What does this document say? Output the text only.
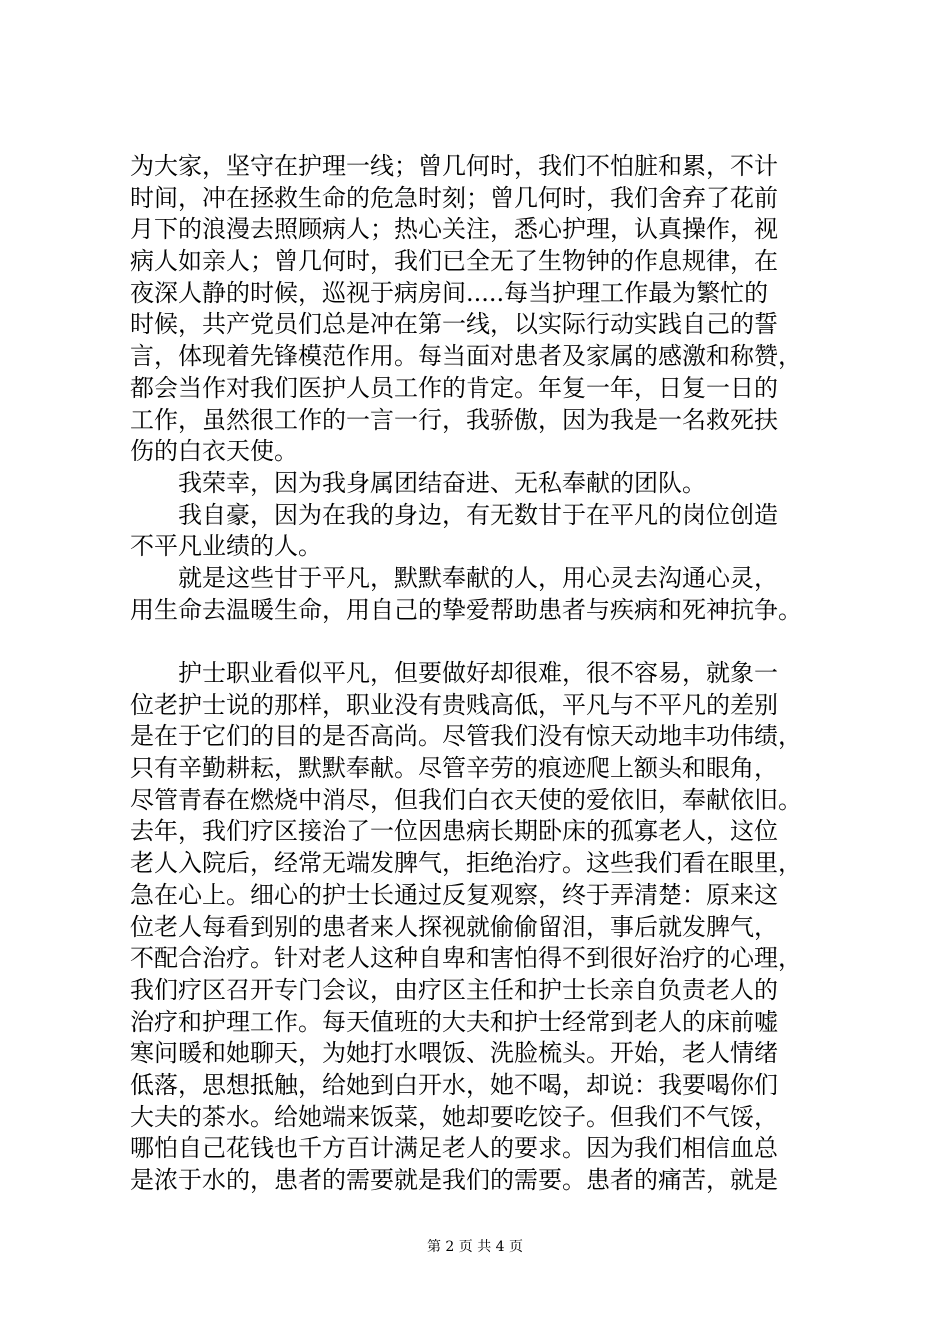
为大家，坚守在护理一线；曾几何时，我们不怕脏和累，不计
时间，冲在拯救生命的危急时刻；曾几何时，我们舍弃了花前
月下的浪漫去照顾病人；热心关注，悉心护理，认真操作，视
病人如亲人；曾几何时，我们已全无了生物钟的作息规律，在
夜深人静的时候，巡视于病房间.....每当护理工作最为繁忙的
时候，共产党员们总是冲在第一线，以实际行动实践自己的誓
言，体现着先锋模范作用。每当面对患者及家属的感激和称赞，
都会当作对我们医护人员工作的肯定。年复一年，日复一日的
工作，虽然很工作的一言一行，我骄傲，因为我是一名救死扶
伤的白衣天使。
　　我荣幸，因为我身属团结奋进、无私奉献的团队。
　　我自豪，因为在我的身边，有无数甘于在平凡的岗位创造
不平凡业绩的人。
　　就是这些甘于平凡，默默奉献的人，用心灵去沟通心灵，
用生命去温暖生命，用自己的挚爱帮助患者与疾病和死神抗争。
　　护士职业看似平凡，但要做好却很难，很不容易，就象一
位老护士说的那样，职业没有贵贱高低，平凡与不平凡的差别
是在于它们的目的是否高尚。尽管我们没有惊天动地丰功伟绩，
只有辛勤耕耘，默默奉献。尽管辛劳的痕迹爬上额头和眼角，
尽管青春在燃烧中消尽，但我们白衣天使的爱依旧，奉献依旧。
去年，我们疗区接治了一位因患病长期卧床的孤寡老人，这位
老人入院后，经常无端发脾气，拒绝治疗。这些我们看在眼里，
急在心上。细心的护士长通过反复观察，终于弄清楚：原来这
位老人每看到别的患者来人探视就偷偷留泪，事后就发脾气，
不配合治疗。针对老人这种自卑和害怕得不到很好治疗的心理，
我们疗区召开专门会议，由疗区主任和护士长亲自负责老人的
治疗和护理工作。每天值班的大夫和护士经常到老人的床前嘘
寒问暖和她聊天，为她打水喂饭、洗脸梳头。开始，老人情绪
低落，思想抵触，给她到白开水，她不喝，却说：我要喝你们
大夫的茶水。给她端来饭菜，她却要吃饺子。但我们不气馁，
哪怕自己花钱也千方百计满足老人的要求。因为我们相信血总
是浓于水的，患者的需要就是我们的需要。患者的痛苦，就是
第 2 页 共 4 页
